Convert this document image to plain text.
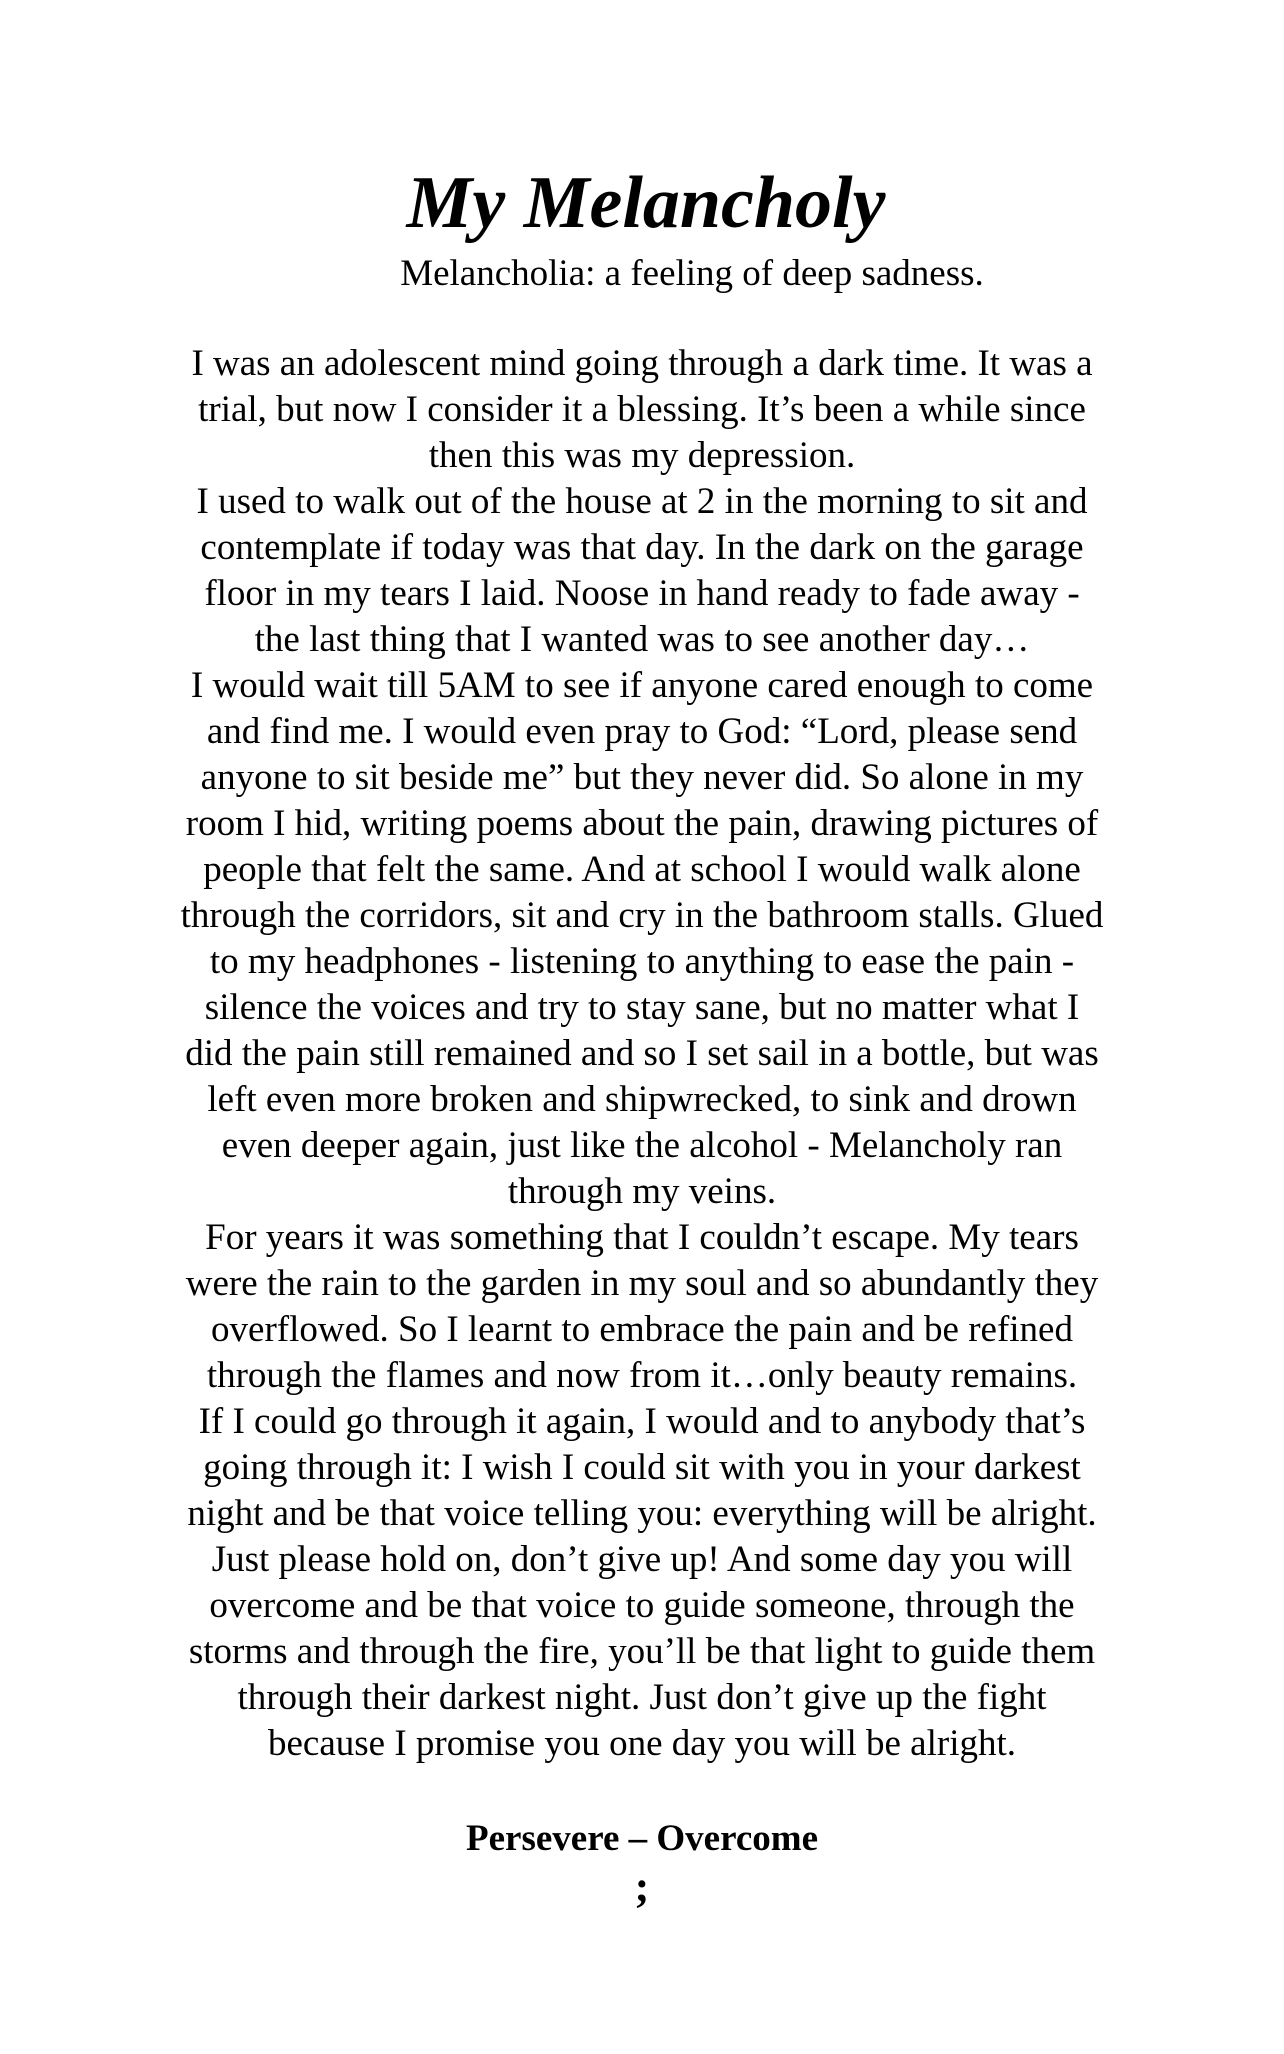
My Melancholy

Melancholia: a feeling of deep sadness.

I was an adolescent mind going through a dark time. It was a
trial, but now I consider it a blessing. It’s been a while since
then this was my depression.
I used to walk out of the house at 2 in the morning to sit and
contemplate if today was that day. In the dark on the garage
floor in my tears I laid. Noose in hand ready to fade away -
the last thing that I wanted was to see another day…
I would wait till 5AM to see if anyone cared enough to come
and find me. I would even pray to God: “Lord, please send
anyone to sit beside me” but they never did. So alone in my
room I hid, writing poems about the pain, drawing pictures of
people that felt the same. And at school I would walk alone
through the corridors, sit and cry in the bathroom stalls. Glued
to my headphones - listening to anything to ease the pain -
silence the voices and try to stay sane, but no matter what I
did the pain still remained and so I set sail in a bottle, but was
left even more broken and shipwrecked, to sink and drown
even deeper again, just like the alcohol - Melancholy ran
through my veins.
For years it was something that I couldn’t escape. My tears
were the rain to the garden in my soul and so abundantly they
overflowed. So I learnt to embrace the pain and be refined
through the flames and now from it…only beauty remains.
If I could go through it again, I would and to anybody that’s
going through it: I wish I could sit with you in your darkest
night and be that voice telling you: everything will be alright.
Just please hold on, don’t give up! And some day you will
overcome and be that voice to guide someone, through the
storms and through the fire, you’ll be that light to guide them
through their darkest night. Just don’t give up the fight
because I promise you one day you will be alright.

Persevere – Overcome

;
